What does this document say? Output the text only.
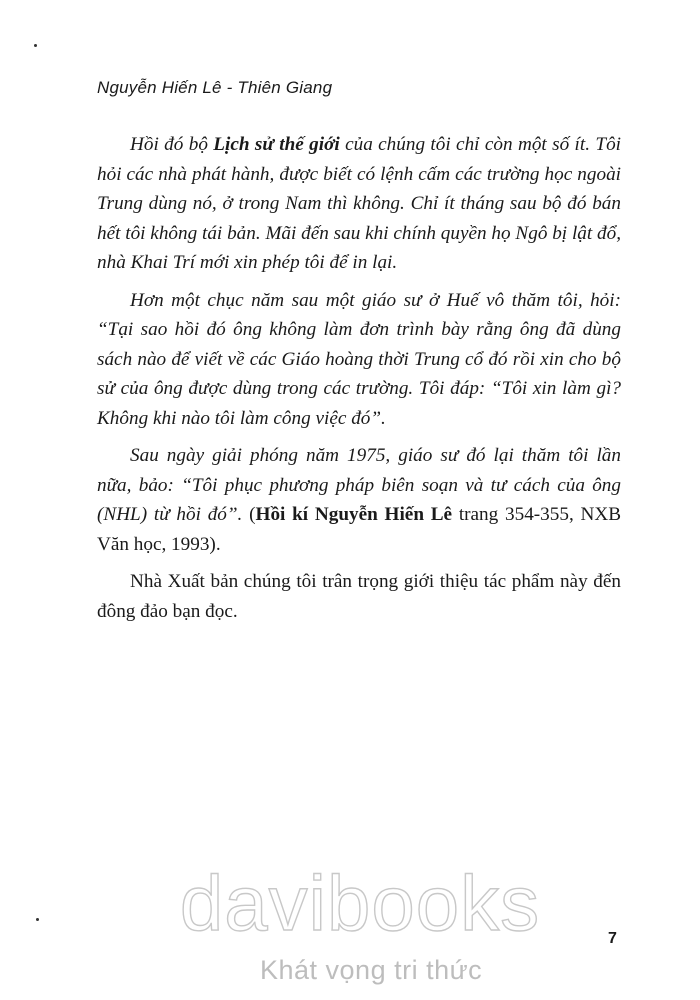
Nguyễn Hiến Lê - Thiên Giang

Hồi đó bộ Lịch sử thế giới của chúng tôi chỉ còn một số ít. Tôi hỏi các nhà phát hành, được biết có lệnh cấm các trường học ngoài Trung dùng nó, ở trong Nam thì không. Chỉ ít tháng sau bộ đó bán hết tôi không tái bản. Mãi đến sau khi chính quyền họ Ngô bị lật đổ, nhà Khai Trí mới xin phép tôi để in lại.

Hơn một chục năm sau một giáo sư ở Huế vô thăm tôi, hỏi: “Tại sao hồi đó ông không làm đơn trình bày rằng ông đã dùng sách nào để viết về các Giáo hoàng thời Trung cổ đó rồi xin cho bộ sử của ông được dùng trong các trường. Tôi đáp: “Tôi xin làm gì? Không khi nào tôi làm công việc đó”.

Sau ngày giải phóng năm 1975, giáo sư đó lại thăm tôi lần nữa, bảo: “Tôi phục phương pháp biên soạn và tư cách của ông (NHL) từ hồi đó”. (Hồi kí Nguyễn Hiến Lê trang 354-355, NXB Văn học, 1993).

Nhà Xuất bản chúng tôi trân trọng giới thiệu tác phẩm này đến đông đảo bạn đọc.

7
davibooks
Khát vọng tri thức
